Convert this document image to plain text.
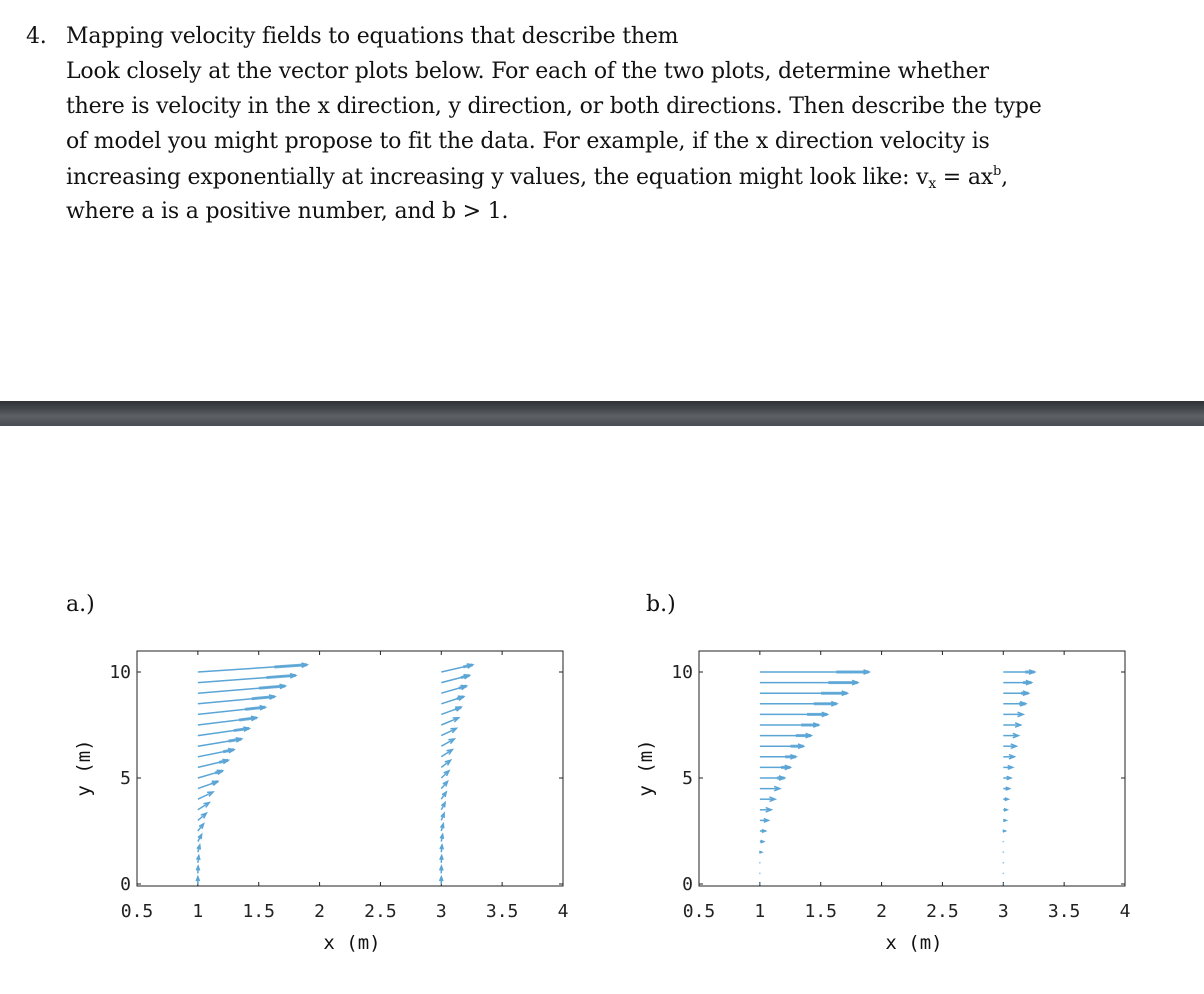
4. Mapping velocity fields to equations that describe them
Look closely at the vector plots below. For each of the two plots, determine whether
there is velocity in the x direction, y direction, or both directions. Then describe the type
of model you might propose to fit the data. For example, if the x direction velocity is
increasing exponentially at increasing y values, the equation might look like: $v_x = ax^b$,
where a is a positive number, and b > 1.
a.)	b.)
0.5 1 1.5 2 2.5 3 3.5 4
0
5
10
x (m)
y (m)
0.5 1 1.5 2 2.5 3 3.5 4
0
5
10
x (m)
y (m)
